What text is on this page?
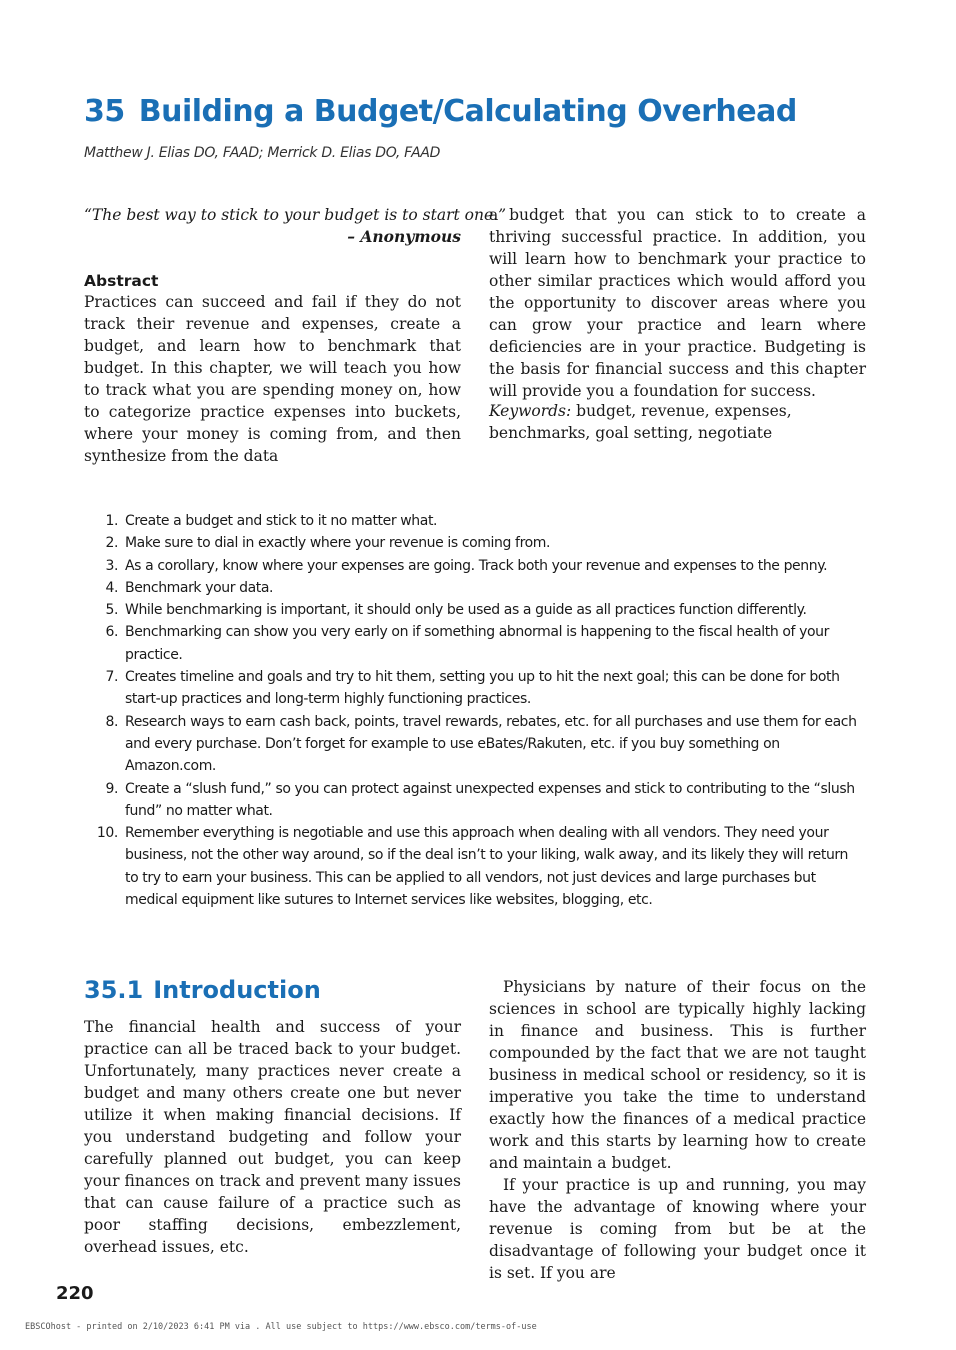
35 Building a Budget/Calculating Overhead
Matthew J. Elias DO, FAAD; Merrick D. Elias DO, FAAD
“The best way to stick to your budget is to start one.”
– Anonymous
Abstract
Practices can succeed and fail if they do not track their revenue and expenses, create a budget, and learn how to benchmark that budget. In this chapter, we will teach you how to track what you are spending money on, how to categorize practice expenses into buckets, where your money is coming from, and then synthesize from the data
a budget that you can stick to to create a thriving successful practice. In addition, you will learn how to benchmark your practice to other similar practices which would afford you the opportunity to discover areas where you can grow your practice and learn where deficiencies are in your practice. Budgeting is the basis for financial success and this chapter will provide you a foundation for success.
Keywords: budget, revenue, expenses, benchmarks, goal setting, negotiate
1. Create a budget and stick to it no matter what.
2. Make sure to dial in exactly where your revenue is coming from.
3. As a corollary, know where your expenses are going. Track both your revenue and expenses to the penny.
4. Benchmark your data.
5. While benchmarking is important, it should only be used as a guide as all practices function differently.
6. Benchmarking can show you very early on if something abnormal is happening to the fiscal health of your practice.
7. Creates timeline and goals and try to hit them, setting you up to hit the next goal; this can be done for both start-up practices and long-term highly functioning practices.
8. Research ways to earn cash back, points, travel rewards, rebates, etc. for all purchases and use them for each and every purchase. Don’t forget for example to use eBates/Rakuten, etc. if you buy something on Amazon.com.
9. Create a “slush fund,” so you can protect against unexpected expenses and stick to contributing to the “slush fund” no matter what.
10. Remember everything is negotiable and use this approach when dealing with all vendors. They need your business, not the other way around, so if the deal isn’t to your liking, walk away, and its likely they will return to try to earn your business. This can be applied to all vendors, not just devices and large purchases but medical equipment like sutures to Internet services like websites, blogging, etc.
35.1 Introduction

The financial health and success of your practice can all be traced back to your budget. Unfortunately, many practices never create a budget and many others create one but never utilize it when making financial decisions. If you understand budgeting and follow your carefully planned out budget, you can keep your finances on track and prevent many issues that can cause failure of a practice such as poor staffing decisions, embezzlement, overhead issues, etc.

Physicians by nature of their focus on the sciences in school are typically highly lacking in finance and business. This is further compounded by the fact that we are not taught business in medical school or residency, so it is imperative you take the time to understand exactly how the finances of a medical practice work and this starts by learning how to create and maintain a budget.

If your practice is up and running, you may have the advantage of knowing where your revenue is coming from but be at the disadvantage of following your budget once it is set. If you are

220
EBSCOhost - printed on 2/10/2023 6:41 PM via . All use subject to https://www.ebsco.com/terms-of-use
